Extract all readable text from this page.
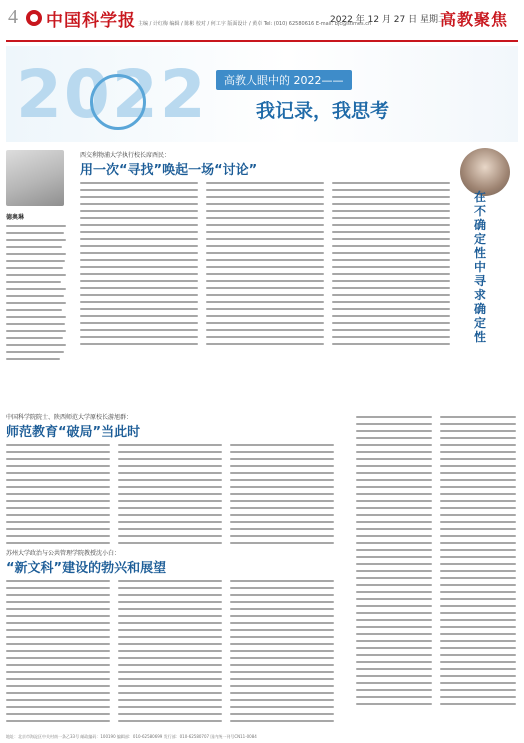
4 中国科学报 主编 / 计红梅 编辑 / 陈彬 校对 / 何工宇 版面设计 / 黄卓 Tel: (010) 62580616 E-mail: bjc@stimes.cn
2022 年 12 月 27 日 星期二
高教聚焦
2022	高教人眼中的 2022——
我记录，我思考
德奥琳
西交利物浦大学执行校长席酉民：
用一次“寻找”唤起一场“讨论”
在不确定性中寻求确定性
中国科学院院士、陕西师范大学原校长游旭群：
师范教育“破局”当此时
苏州大学政治与公共管理学院教授沈小白：
“新文科”建设的勃兴和展望
地址：北京市海淀区中关村南一条乙33号 邮政编码：100190 编辑部：010-62580699 发行部：010-62580707 国内统一刊号CN11-0084
